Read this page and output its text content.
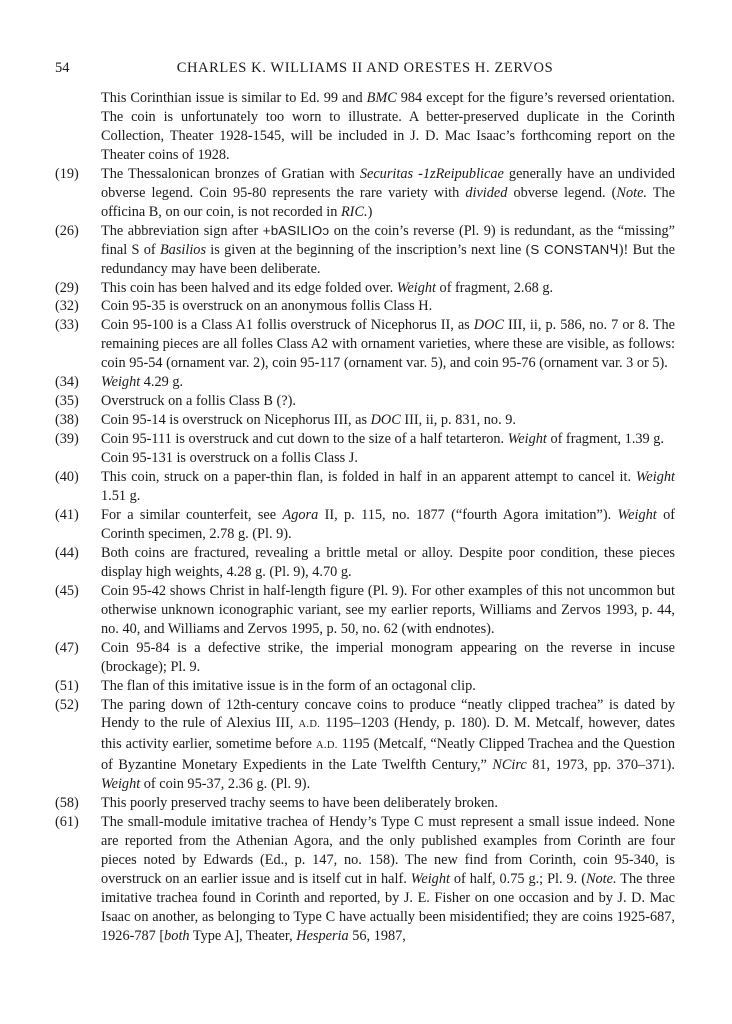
54	CHARLES K. WILLIAMS II AND ORESTES H. ZERVOS

This Corinthian issue is similar to Ed. 99 and BMC 984 except for the figure’s reversed orientation. The coin is unfortunately too worn to illustrate. A better-preserved duplicate in the Corinth Collection, Theater 1928-1545, will be included in J. D. Mac Isaac’s forthcoming report on the Theater coins of 1928.

(19)	The Thessalonican bronzes of Gratian with Securitas -1zReipublicae generally have an undivided obverse legend. Coin 95-80 represents the rare variety with divided obverse legend. (Note. The officina B, on our coin, is not recorded in RIC.)

(26)	The abbreviation sign after +bASILIOͻ on the coin’s reverse (Pl. 9) is redundant, as the “missing” final S of Basilios is given at the beginning of the inscription’s next line (S CONSTANꞍ)! But the redundancy may have been deliberate.

(29)	This coin has been halved and its edge folded over. Weight of fragment, 2.68 g.

(32)	Coin 95-35 is overstruck on an anonymous follis Class H.

(33)	Coin 95-100 is a Class A1 follis overstruck of Nicephorus II, as DOC III, ii, p. 586, no. 7 or 8. The remaining pieces are all folles Class A2 with ornament varieties, where these are visible, as follows: coin 95-54 (ornament var. 2), coin 95-117 (ornament var. 5), and coin 95-76 (ornament var. 3 or 5).

(34)	Weight 4.29 g.

(35)	Overstruck on a follis Class B (?).

(38)	Coin 95-14 is overstruck on Nicephorus III, as DOC III, ii, p. 831, no. 9.

(39)	Coin 95-111 is overstruck and cut down to the size of a half tetarteron. Weight of fragment, 1.39 g.

Coin 95-131 is overstruck on a follis Class J.

(40)	This coin, struck on a paper-thin flan, is folded in half in an apparent attempt to cancel it. Weight 1.51 g.

(41)	For a similar counterfeit, see Agora II, p. 115, no. 1877 (“fourth Agora imitation”). Weight of Corinth specimen, 2.78 g. (Pl. 9).

(44)	Both coins are fractured, revealing a brittle metal or alloy. Despite poor condition, these pieces display high weights, 4.28 g. (Pl. 9), 4.70 g.

(45)	Coin 95-42 shows Christ in half-length figure (Pl. 9). For other examples of this not uncommon but otherwise unknown iconographic variant, see my earlier reports, Williams and Zervos 1993, p. 44, no. 40, and Williams and Zervos 1995, p. 50, no. 62 (with endnotes).

(47)	Coin 95-84 is a defective strike, the imperial monogram appearing on the reverse in incuse (brockage); Pl. 9.

(51)	The flan of this imitative issue is in the form of an octagonal clip.

(52)	The paring down of 12th-century concave coins to produce “neatly clipped trachea” is dated by Hendy to the rule of Alexius III, A.D. 1195–1203 (Hendy, p. 180). D. M. Metcalf, however, dates this activity earlier, sometime before A.D. 1195 (Metcalf, “Neatly Clipped Trachea and the Question of Byzantine Monetary Expedients in the Late Twelfth Century,” NCirc 81, 1973, pp. 370–371). Weight of coin 95-37, 2.36 g. (Pl. 9).

(58)	This poorly preserved trachy seems to have been deliberately broken.

(61)	The small-module imitative trachea of Hendy’s Type C must represent a small issue indeed. None are reported from the Athenian Agora, and the only published examples from Corinth are four pieces noted by Edwards (Ed., p. 147, no. 158). The new find from Corinth, coin 95-340, is overstruck on an earlier issue and is itself cut in half. Weight of half, 0.75 g.; Pl. 9. (Note. The three imitative trachea found in Corinth and reported, by J. E. Fisher on one occasion and by J. D. Mac Isaac on another, as belonging to Type C have actually been misidentified; they are coins 1925-687, 1926-787 [both Type A], Theater, Hesperia 56, 1987,
